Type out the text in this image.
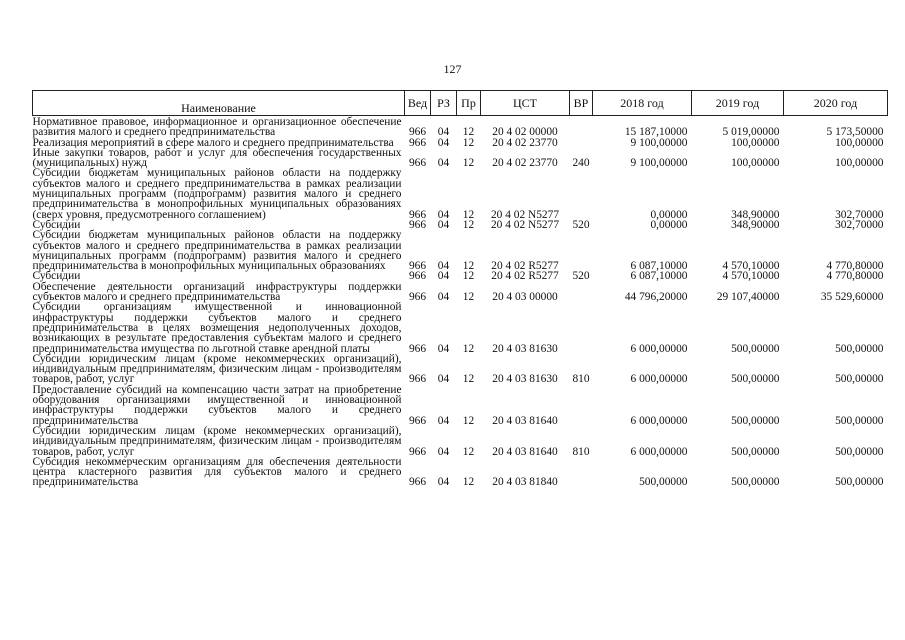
127
Наименование	Вед	РЗ	Пр	ЦСТ	ВР	2018 год	2019 год	2020 год
Нормативное правовое, информационное и организационное обеспечение развития малого и среднего предпринимательства	966	04	12	20 4 02 00000		15 187,10000	5 019,00000	5 173,50000
Реализация мероприятий в сфере малого и среднего предпринимательства	966	04	12	20 4 02 23770		9 100,00000	100,00000	100,00000
Иные закупки товаров, работ и услуг для обеспечения государственных (муниципальных) нужд	966	04	12	20 4 02 23770	240	9 100,00000	100,00000	100,00000
Субсидии бюджетам муниципальных районов области на поддержку субъектов малого и среднего предпринимательства в рамках реализации муниципальных программ (подпрограмм) развития малого и среднего предпринимательства в монопрофильных муниципальных образованиях (сверх уровня, предусмотренного соглашением)	966	04	12	20 4 02 N5277		0,00000	348,90000	302,70000
Субсидии	966	04	12	20 4 02 N5277	520	0,00000	348,90000	302,70000
Субсидии бюджетам муниципальных районов области на поддержку субъектов малого и среднего предпринимательства в рамках реализации муниципальных программ (подпрограмм) развития малого и среднего предпринимательства в монопрофильных муниципальных образованиях	966	04	12	20 4 02 R5277		6 087,10000	4 570,10000	4 770,80000
Субсидии	966	04	12	20 4 02 R5277	520	6 087,10000	4 570,10000	4 770,80000
Обеспечение деятельности организаций инфраструктуры поддержки субъектов малого и среднего предпринимательства	966	04	12	20 4 03 00000		44 796,20000	29 107,40000	35 529,60000
Субсидии организациям имущественной и инновационной инфраструктуры поддержки субъектов малого и среднего предпринимательства в целях возмещения недополученных доходов, возникающих в результате предоставления субъектам малого и среднего предпринимательства имущества по льготной ставке арендной платы	966	04	12	20 4 03 81630		6 000,00000	500,00000	500,00000
Субсидии юридическим лицам (кроме некоммерческих организаций), индивидуальным предпринимателям, физическим лицам - производителям товаров, работ, услуг	966	04	12	20 4 03 81630	810	6 000,00000	500,00000	500,00000
Предоставление субсидий на компенсацию части затрат на приобретение оборудования организациями имущественной и инновационной инфраструктуры поддержки субъектов малого и среднего предпринимательства	966	04	12	20 4 03 81640		6 000,00000	500,00000	500,00000
Субсидии юридическим лицам (кроме некоммерческих организаций), индивидуальным предпринимателям, физическим лицам - производителям товаров, работ, услуг	966	04	12	20 4 03 81640	810	6 000,00000	500,00000	500,00000
Субсидия некоммерческим организациям для обеспечения деятельности центра кластерного развития для субъектов малого и среднего предпринимательства	966	04	12	20 4 03 81840		500,00000	500,00000	500,00000
